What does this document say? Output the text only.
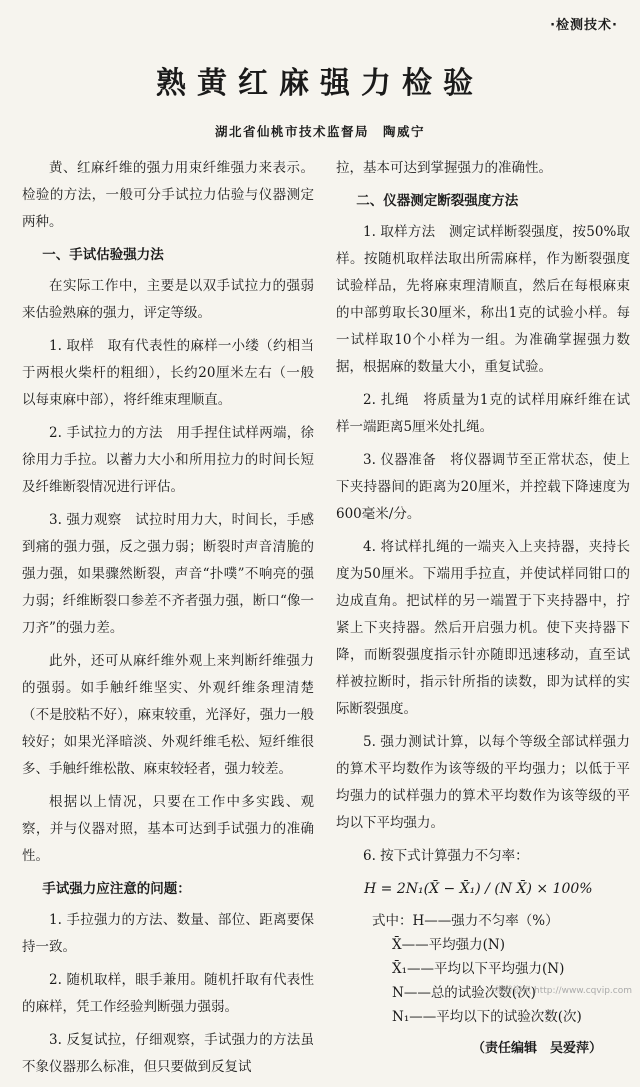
·检测技术·
熟黄红麻强力检验
湖北省仙桃市技术监督局　陶威宁
黄、红麻纤维的强力用束纤维强力来表示。检验的方法，一般可分手试拉力估验与仪器测定两种。
一、手试估验强力法
在实际工作中，主要是以双手试拉力的强弱来估验熟麻的强力，评定等级。
1. 取样　取有代表性的麻样一小缕（约相当于两根火柴杆的粗细），长约20厘米左右（一般以每束麻中部），将纤维束理顺直。
2. 手试拉力的方法　用手捏住试样两端，徐徐用力手拉。以蓄力大小和所用拉力的时间长短及纤维断裂情况进行评估。
3. 强力观察　试拉时用力大，时间长，手感到痛的强力强，反之强力弱；断裂时声音清脆的强力强，如果骤然断裂，声音“扑噗”不响亮的强力弱；纤维断裂口参差不齐者强力强，断口“像一刀齐”的强力差。
此外，还可从麻纤维外观上来判断纤维强力的强弱。如手触纤维坚实、外观纤维条理清楚（不是胶粘不好），麻束较重，光泽好，强力一般较好；如果光泽暗淡、外观纤维毛松、短纤维很多、手触纤维松散、麻束较轻者，强力较差。
根据以上情况，只要在工作中多实践、观察，并与仪器对照，基本可达到手试强力的准确性。
手试强力应注意的问题：
1. 手拉强力的方法、数量、部位、距离要保持一致。
2. 随机取样，眼手兼用。随机扦取有代表性的麻样，凭工作经验判断强力强弱。
3. 反复试拉，仔细观察，手试强力的方法虽不象仪器那么标准，但只要做到反复试
拉，基本可达到掌握强力的准确性。
二、仪器测定断裂强度方法
1. 取样方法　测定试样断裂强度，按50%取样。按随机取样法取出所需麻样，作为断裂强度试验样品，先将麻束理清顺直，然后在每根麻束的中部剪取长30厘米，称出1克的试验小样。每一试样取10个小样为一组。为准确掌握强力数据，根据麻的数量大小，重复试验。
2. 扎绳　将质量为1克的试样用麻纤维在试样一端距离5厘米处扎绳。
3. 仪器准备　将仪器调节至正常状态，使上下夹持器间的距离为20厘米，并控载下降速度为600毫米/分。
4. 将试样扎绳的一端夹入上夹持器，夹持长度为50厘米。下端用手拉直，并使试样同钳口的边成直角。把试样的另一端置于下夹持器中，拧紧上下夹持器。然后开启强力机。使下夹持器下降，而断裂强度指示针亦随即迅速移动，直至试样被拉断时，指示针所指的读数，即为试样的实际断裂强度。
5. 强力测试计算，以每个等级全部试样强力的算术平均数作为该等级的平均强力；以低于平均强力的试样强力的算术平均数作为该等级的平均以下平均强力。
6. 按下式计算强力不匀率：
H = 2N₁(X̄ − X̄₁) / (N X̄) × 100%
式中：H——强力不匀率（%）
X̄——平均强力(N)
X̄₁——平均以下平均强力(N)
N——总的试验次数(次)
N₁——平均以下的试验次数(次)
（责任编辑　吴爱萍）
维普资讯 http://www.cqvip.com
